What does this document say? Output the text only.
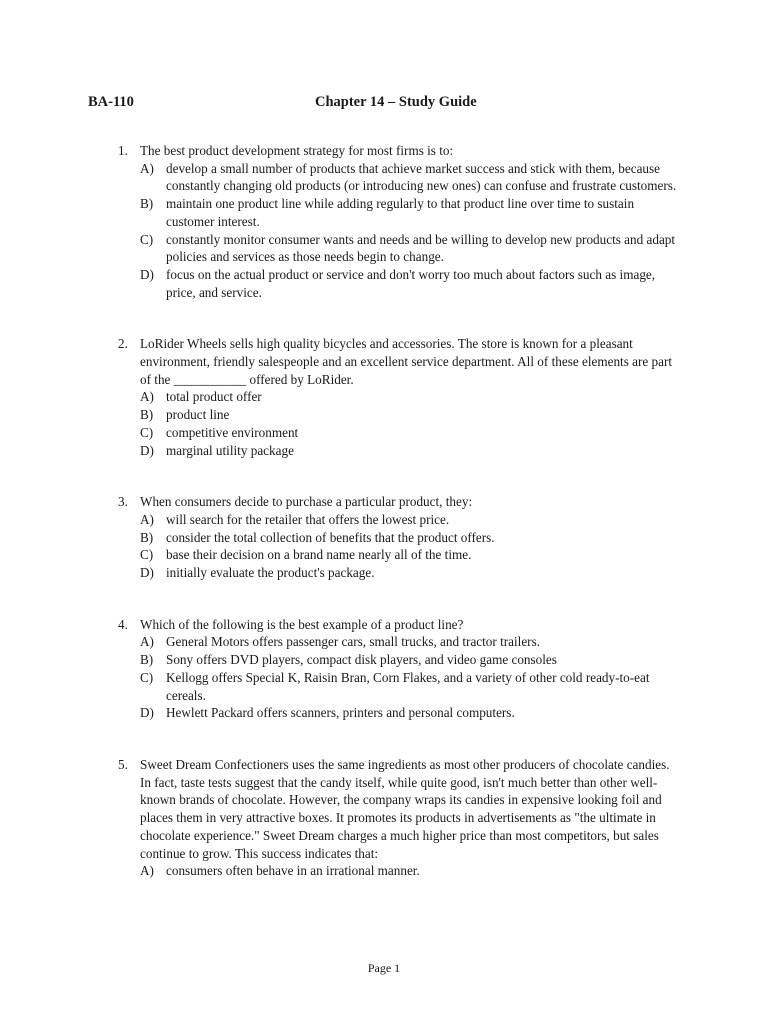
BA-110	Chapter 14 – Study Guide
1. The best product development strategy for most firms is to:
A) develop a small number of products that achieve market success and stick with them, because constantly changing old products (or introducing new ones) can confuse and frustrate customers.
B) maintain one product line while adding regularly to that product line over time to sustain customer interest.
C) constantly monitor consumer wants and needs and be willing to develop new products and adapt policies and services as those needs begin to change.
D) focus on the actual product or service and don't worry too much about factors such as image, price, and service.
2. LoRider Wheels sells high quality bicycles and accessories. The store is known for a pleasant environment, friendly salespeople and an excellent service department. All of these elements are part of the ___________ offered by LoRider.
A) total product offer
B) product line
C) competitive environment
D) marginal utility package
3. When consumers decide to purchase a particular product, they:
A) will search for the retailer that offers the lowest price.
B) consider the total collection of benefits that the product offers.
C) base their decision on a brand name nearly all of the time.
D) initially evaluate the product's package.
4. Which of the following is the best example of a product line?
A) General Motors offers passenger cars, small trucks, and tractor trailers.
B) Sony offers DVD players, compact disk players, and video game consoles
C) Kellogg offers Special K, Raisin Bran, Corn Flakes, and a variety of other cold ready-to-eat cereals.
D) Hewlett Packard offers scanners, printers and personal computers.
5. Sweet Dream Confectioners uses the same ingredients as most other producers of chocolate candies. In fact, taste tests suggest that the candy itself, while quite good, isn't much better than other well-known brands of chocolate. However, the company wraps its candies in expensive looking foil and places them in very attractive boxes. It promotes its products in advertisements as "the ultimate in chocolate experience." Sweet Dream charges a much higher price than most competitors, but sales continue to grow. This success indicates that:
A) consumers often behave in an irrational manner.
Page 1
